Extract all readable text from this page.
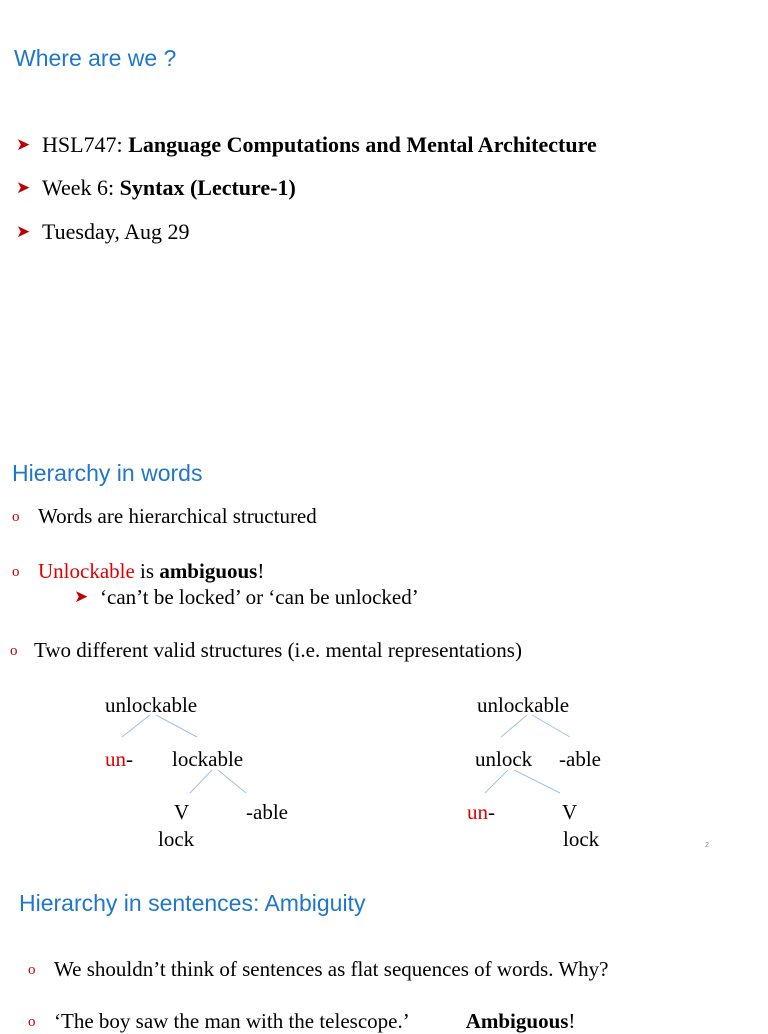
Where are we ?
➤ HSL747: Language Computations and Mental Architecture
➤ Week 6: Syntax (Lecture-1)
➤ Tuesday, Aug 29
Hierarchy in words
o Words are hierarchical structured
o Unlockable is ambiguous!
➤ ‘can’t be locked’ or ‘can be unlocked’
o Two different valid structures (i.e. mental representations)
unlockable
un- lockable
V	-able
lock
unlockable
unlock -able
un-	V
lock	2
Hierarchy in sentences: Ambiguity
o We shouldn’t think of sentences as flat sequences of words. Why?
o ‘The boy saw the man with the telescope.’	Ambiguous!
